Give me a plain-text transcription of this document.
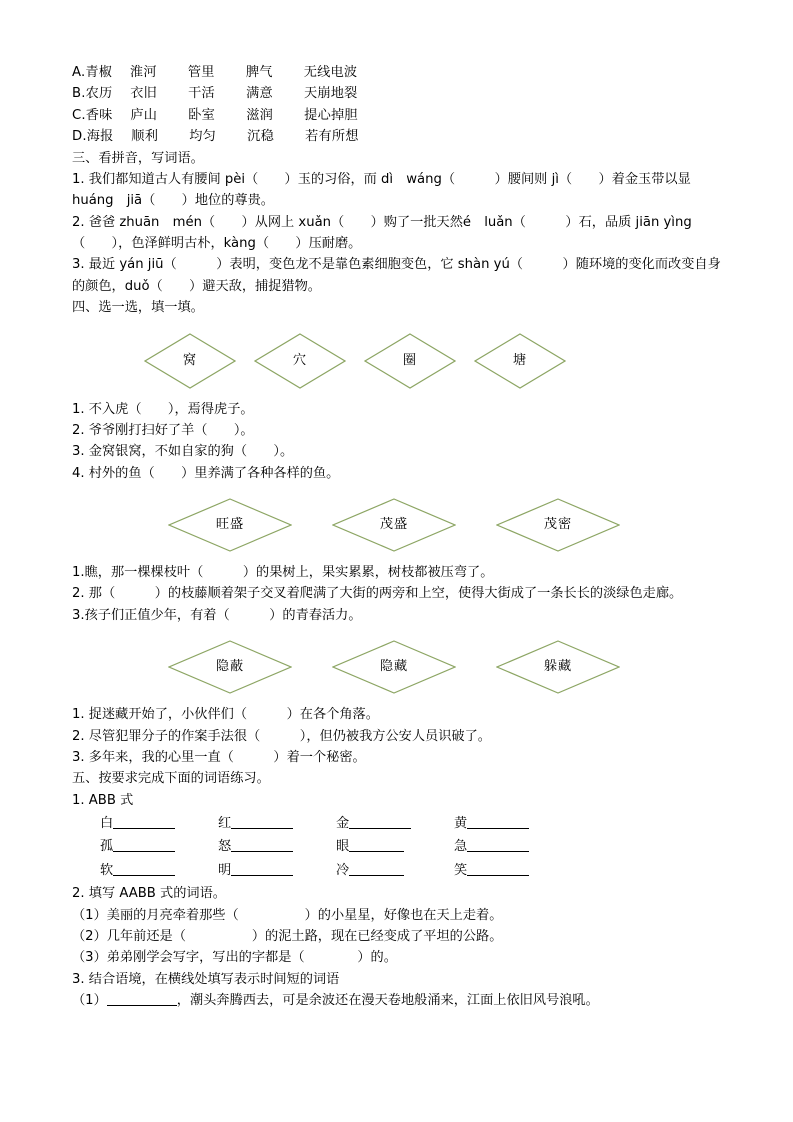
A.青椒　 淮河　　 管里　　 脾气　　 无线电波

B.农历　 衣旧　　 干活　　 满意　　 天崩地裂

C.香味　 庐山　　 卧室　　 滋润　　 提心掉胆

D.海报　 顺利　　 均匀　　 沉稳　　 若有所想

三、看拼音，写词语。

1. 我们都知道古人有腰间 pèi（　　）玉的习俗，而 dì　wáng（　　　）腰间则 jì（　　）着金玉带以显 huáng　jiā（　　）地位的尊贵。

2. 爸爸 zhuān　mén（　　）从网上 xuǎn（　　）购了一批天然é　luǎn（　　　）石，品质 jiān yìng（　　），色泽鲜明古朴，kàng（　　）压耐磨。

3. 最近 yán jiū（　　　）表明，变色龙不是靠色素细胞变色，它 shàn yú（　　　）随环境的变化而改变自身的颜色，duǒ（　　）避天敌，捕捉猎物。

四、选一选，填一填。

窝	穴	圈	塘

1. 不入虎（　　），焉得虎子。

2. 爷爷刚打扫好了羊（　　）。

3. 金窝银窝，不如自家的狗（　　）。

4. 村外的鱼（　　）里养满了各种各样的鱼。

旺盛	茂盛	茂密

1.瞧，那一棵棵枝叶（　　　）的果树上，果实累累，树枝都被压弯了。

2. 那（　　　）的枝藤顺着架子交叉着爬满了大街的两旁和上空，使得大街成了一条长长的淡绿色走廊。

3.孩子们正值少年，有着（　　　）的青春活力。

隐蔽	隐藏	躲藏

1. 捉迷藏开始了，小伙伴们（　　　）在各个角落。

2. 尽管犯罪分子的作案手法很（　　　），但仍被我方公安人员识破了。

3. 多年来，我的心里一直（　　　）着一个秘密。

五、按要求完成下面的词语练习。

1. ABB 式

白	红	金	黄
孤	怒	眼	急
软	明	冷	笑

2. 填写 AABB 式的词语。

（1）美丽的月亮牵着那些（　　　　　）的小星星，好像也在天上走着。

（2）几年前还是（　　　　　）的泥土路，现在已经变成了平坦的公路。

（3）弟弟刚学会写字，写出的字都是（　　　　）的。

3. 结合语境，在横线处填写表示时间短的词语

（1）	，潮头奔腾西去，可是余波还在漫天卷地般涌来，江面上依旧风号浪吼。
